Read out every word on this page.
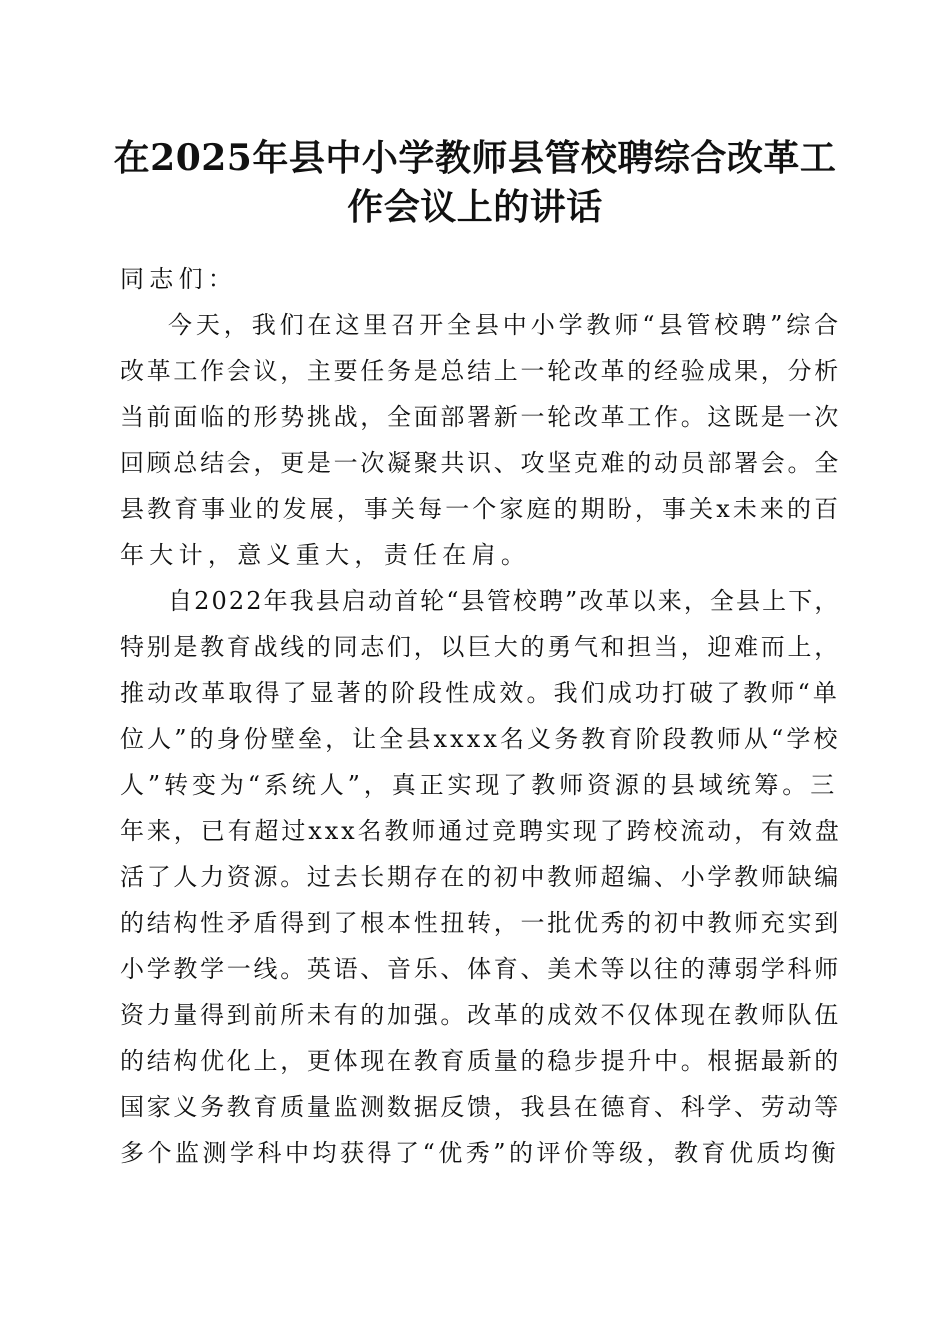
在2025年县中小学教师县管校聘综合改革工
作会议上的讲话
同志们：
今天，我们在这里召开全县中小学教师“县管校聘”综合
改革工作会议，主要任务是总结上一轮改革的经验成果，分析
当前面临的形势挑战，全面部署新一轮改革工作。这既是一次
回顾总结会，更是一次凝聚共识、攻坚克难的动员部署会。全
县教育事业的发展，事关每一个家庭的期盼，事关x未来的百
年大计，意义重大，责任在肩。
自2022年我县启动首轮“县管校聘”改革以来，全县上下，
特别是教育战线的同志们，以巨大的勇气和担当，迎难而上，
推动改革取得了显著的阶段性成效。我们成功打破了教师“单
位人”的身份壁垒，让全县xxxx名义务教育阶段教师从“学校
人”转变为“系统人”，真正实现了教师资源的县域统筹。三
年来，已有超过xxx名教师通过竞聘实现了跨校流动，有效盘
活了人力资源。过去长期存在的初中教师超编、小学教师缺编
的结构性矛盾得到了根本性扭转，一批优秀的初中教师充实到
小学教学一线。英语、音乐、体育、美术等以往的薄弱学科师
资力量得到前所未有的加强。改革的成效不仅体现在教师队伍
的结构优化上，更体现在教育质量的稳步提升中。根据最新的
国家义务教育质量监测数据反馈，我县在德育、科学、劳动等
多个监测学科中均获得了“优秀”的评价等级，教育优质均衡
